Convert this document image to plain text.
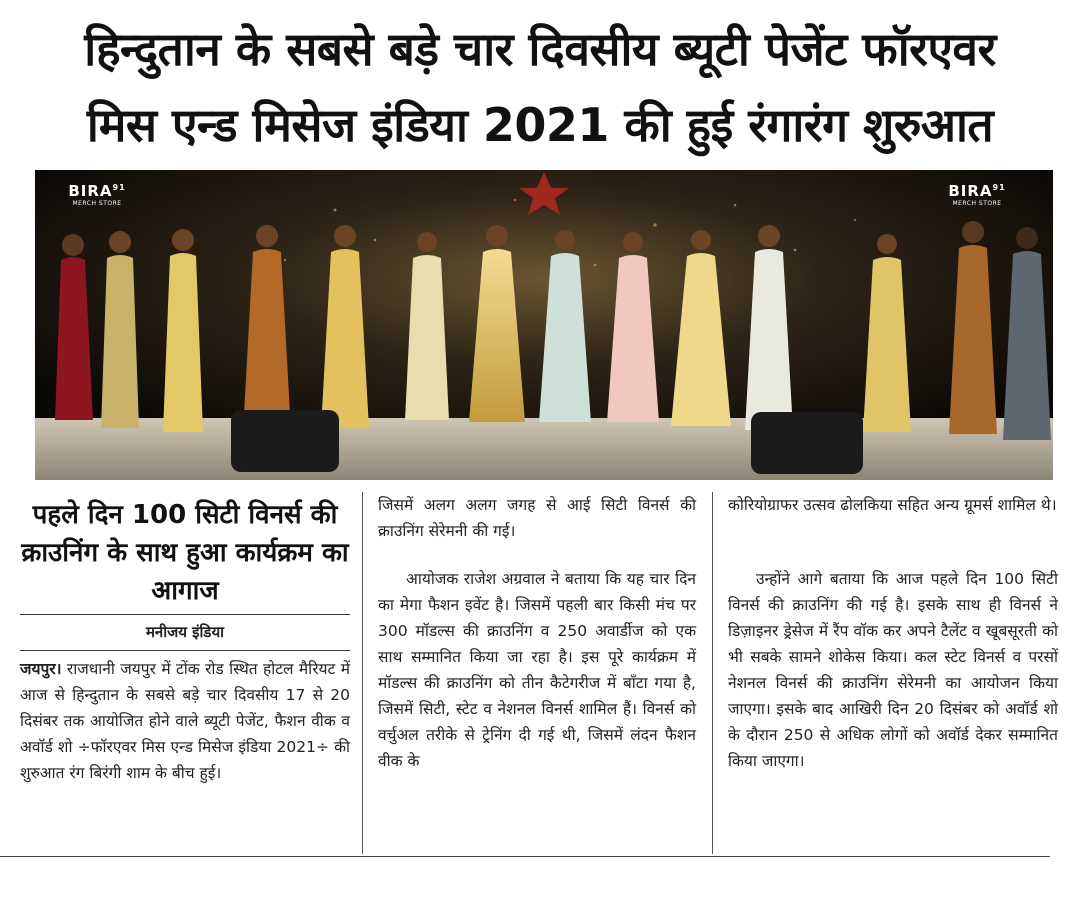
हिन्दुतान के सबसे बड़े चार दिवसीय ब्यूटी पेजेंट फॉरएवर
मिस एन्ड मिसेज इंडिया 2021 की हुई रंगारंग शुरुआत
BIRA$^{91}$
MERCH STORE
BIRA$^{91}$
MERCH STORE
पहले दिन 100 सिटी विनर्स की क्राउनिंग के साथ हुआ कार्यक्रम का आगाज
मनीजय इंडिया
जयपुर। राजधानी जयपुर में टोंक रोड स्थित होटल मैरियट में आज से हिन्दुतान के सबसे बड़े चार दिवसीय 17 से 20 दिसंबर तक आयोजित होने वाले ब्यूटी पेजेंट, फैशन वीक व अवॉर्ड शो ÷फॉरएवर मिस एन्ड मिसेज इंडिया 2021÷ की शुरुआत रंग बिरंगी शाम के बीच हुई।
जिसमें अलग अलग जगह से आई सिटी विनर्स की क्राउनिंग सेरेमनी की गई।
आयोजक राजेश अग्रवाल ने बताया कि यह चार दिन का मेगा फैशन इवेंट है। जिसमें पहली बार किसी मंच पर 300 मॉडल्स की क्राउनिंग व 250 अवार्डीज को एक साथ सम्मानित किया जा रहा है। इस पूरे कार्यक्रम में मॉडल्स की क्राउनिंग को तीन कैटेगरीज में बाँटा गया है, जिसमें सिटी, स्टेट व नेशनल विनर्स शामिल हैं। विनर्स को वर्चुअल तरीके से ट्रेनिंग दी गई थी, जिसमें लंदन फैशन वीक के
कोरियोग्राफर उत्सव ढोलकिया सहित अन्य ग्रूमर्स शामिल थे।
उन्होंने आगे बताया कि आज पहले दिन 100 सिटी विनर्स की क्राउनिंग की गई है। इसके साथ ही विनर्स ने डिज़ाइनर ड्रेसेज में रैंप वॉक कर अपने टैलेंट व खूबसूरती को भी सबके सामने शोकेस किया। कल स्टेट विनर्स व परसों नेशनल विनर्स की क्राउनिंग सेरेमनी का आयोजन किया जाएगा। इसके बाद आखिरी दिन 20 दिसंबर को अवॉर्ड शो के दौरान 250 से अधिक लोगों को अवॉर्ड देकर सम्मानित किया जाएगा।
